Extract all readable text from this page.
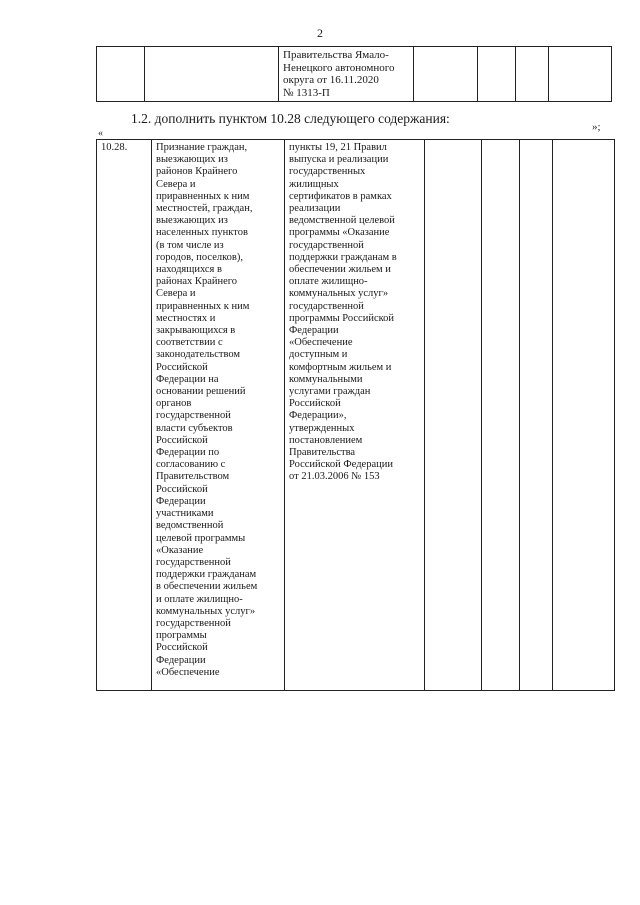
2
		Правительства Ямало-
Ненецкого автономного
округа от 16.11.2020
№ 1313-П				
»;
1.2. дополнить пунктом 10.28 следующего содержания:
«
10.28.	Признание граждан,
выезжающих из
районов Крайнего
Севера и
приравненных к ним
местностей, граждан,
выезжающих из
населенных пунктов
(в том числе из
городов, поселков),
находящихся в
районах Крайнего
Севера и
приравненных к ним
местностях и
закрывающихся в
соответствии с
законодательством
Российской
Федерации на
основании решений
органов
государственной
власти субъектов
Российской
Федерации по
согласованию с
Правительством
Российской
Федерации
участниками
ведомственной
целевой программы
«Оказание
государственной
поддержки гражданам
в обеспечении жильем
и оплате жилищно-
коммунальных услуг»
государственной
программы
Российской
Федерации
«Обеспечение	пункты 19, 21 Правил
выпуска и реализации
государственных
жилищных
сертификатов в рамках
реализации
ведомственной целевой
программы «Оказание
государственной
поддержки гражданам в
обеспечении жильем и
оплате жилищно-
коммунальных услуг»
государственной
программы Российской
Федерации
«Обеспечение
доступным и
комфортным жильем и
коммунальными
услугами граждан
Российской
Федерации»,
утвержденных
постановлением
Правительства
Российской Федерации
от 21.03.2006 № 153				
